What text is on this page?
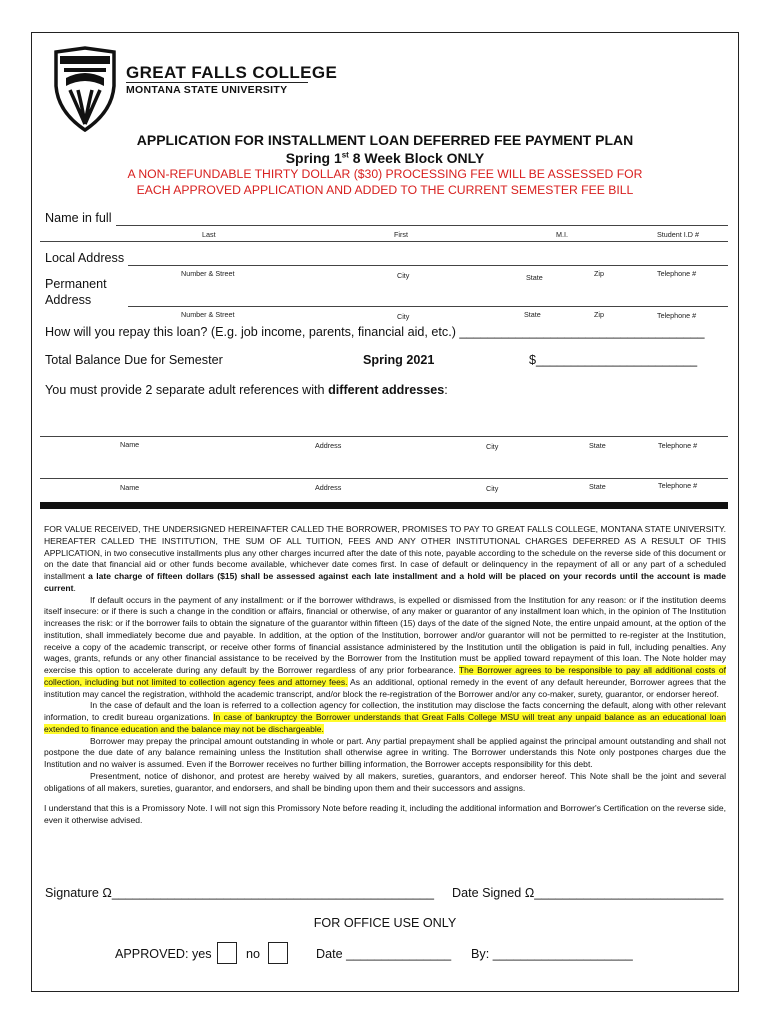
GREAT FALLS COLLEGE
MONTANA STATE UNIVERSITY
APPLICATION FOR INSTALLMENT LOAN DEFERRED FEE PAYMENT PLAN
Spring 1st 8 Week Block ONLY
A NON-REFUNDABLE THIRTY DOLLAR ($30) PROCESSING FEE WILL BE ASSESSED FOR
EACH APPROVED APPLICATION AND ADDED TO THE CURRENT SEMESTER FEE BILL
Name in full
Last	First	M.I.	Student I.D #
Local Address
Number & Street	City	State	Zip	Telephone #
Permanent
Address
Number & Street	City	State	Zip	Telephone #
How will you repay this loan? (E.g. job income, parents, financial aid, etc.) ___________________________________
Total Balance Due for Semester	Spring 2021	$_______________________
You must provide 2 separate adult references with different addresses:
Name	Address	City	State	Telephone #
Name	Address	City	State	Telephone #

FOR VALUE RECEIVED, THE UNDERSIGNED HEREINAFTER CALLED THE BORROWER, PROMISES TO PAY TO GREAT FALLS COLLEGE, MONTANA STATE UNIVERSITY. HEREAFTER CALLED THE INSTITUTION, THE SUM OF ALL TUITION, FEES AND ANY OTHER INSTITUTIONAL CHARGES DEFERRED AS A RESULT OF THIS APPLICATION, in two consecutive installments plus any other charges incurred after the date of this note, payable according to the schedule on the reverse side of this document or on the date that financial aid or other funds become available, whichever date comes first. In case of default or delinquency in the repayment of all or any part of a scheduled installment a late charge of fifteen dollars ($15) shall be assessed against each late installment and a hold will be placed on your records until the account is made current.

If default occurs in the payment of any installment: or if the borrower withdraws, is expelled or dismissed from the Institution for any reason: or if the institution deems itself insecure: or if there is such a change in the condition or affairs, financial or otherwise, of any maker or guarantor of any installment loan which, in the opinion of The Institution increases the risk: or if the borrower fails to obtain the signature of the guarantor within fifteen (15) days of the date of the signed Note, the entire unpaid amount, at the option of the institution, shall immediately become due and payable. In addition, at the option of the Institution, borrower and/or guarantor will not be permitted to re-register at the Institution, receive a copy of the academic transcript, or receive other forms of financial assistance administered by the Institution until the obligation is paid in full, including penalties. Any wages, grants, refunds or any other financial assistance to be received by the Borrower from the Institution must be applied toward repayment of this loan. The Note holder may exercise this option to accelerate during any default by the Borrower regardless of any prior forbearance. The Borrower agrees to be responsible to pay all additional costs of collection, including but not limited to collection agency fees and attorney fees. As an additional, optional remedy in the event of any default hereunder, Borrower agrees that the institution may cancel the registration, withhold the academic transcript, and/or block the re-registration of the Borrower and/or any co-maker, surety, guarantor, or endorser hereof.

In the case of default and the loan is referred to a collection agency for collection, the institution may disclose the facts concerning the default, along with other relevant information, to credit bureau organizations. In case of bankruptcy the Borrower understands that Great Falls College MSU will treat any unpaid balance as an educational loan extended to finance education and the balance may not be dischargeable.

Borrower may prepay the principal amount outstanding in whole or part. Any partial prepayment shall be applied against the principal amount outstanding and shall not postpone the due date of any balance remaining unless the Institution shall otherwise agree in writing. The Borrower understands this Note only postpones charges due the Institution and no waiver is assumed. Even if the Borrower receives no further billing information, the Borrower accepts responsibility for this debt.

Presentment, notice of dishonor, and protest are hereby waived by all makers, sureties, guarantors, and endorser hereof. This Note shall be the joint and several obligations of all makers, sureties, guarantor, and endorsers, and shall be binding upon them and their successors and assigns.

I understand that this is a Promissory Note. I will not sign this Promissory Note before reading it, including the additional information and Borrower's Certification on the reverse side, even it otherwise advised.

Signature Ω______________________________________________ Date Signed Ω___________________________
FOR OFFICE USE ONLY
APPROVED: yes	no	Date _______________ By: ____________________
